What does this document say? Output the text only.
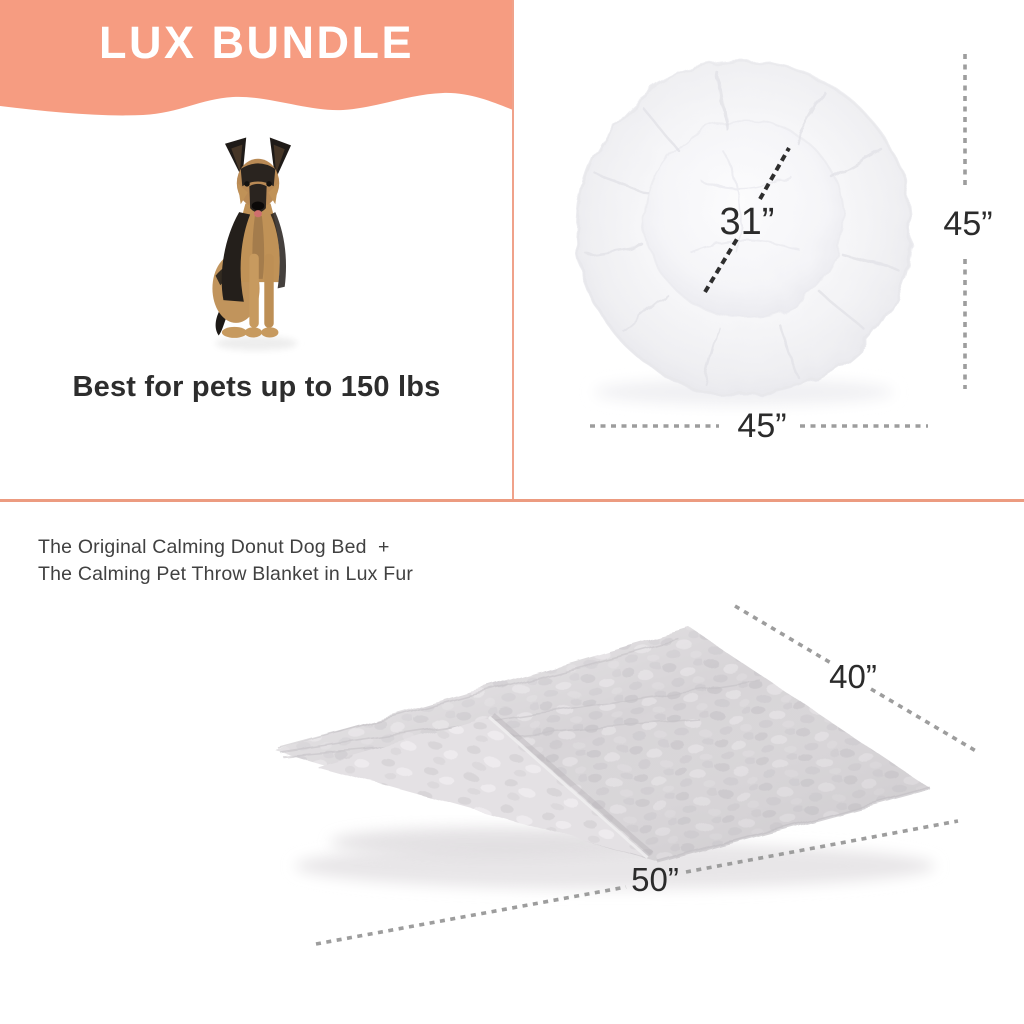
LUX BUNDLE
Best for pets up to 150 lbs
The Original Calming Donut Dog Bed  +
The Calming Pet Throw Blanket in Lux Fur
31”	45”
45”
40”
50”
